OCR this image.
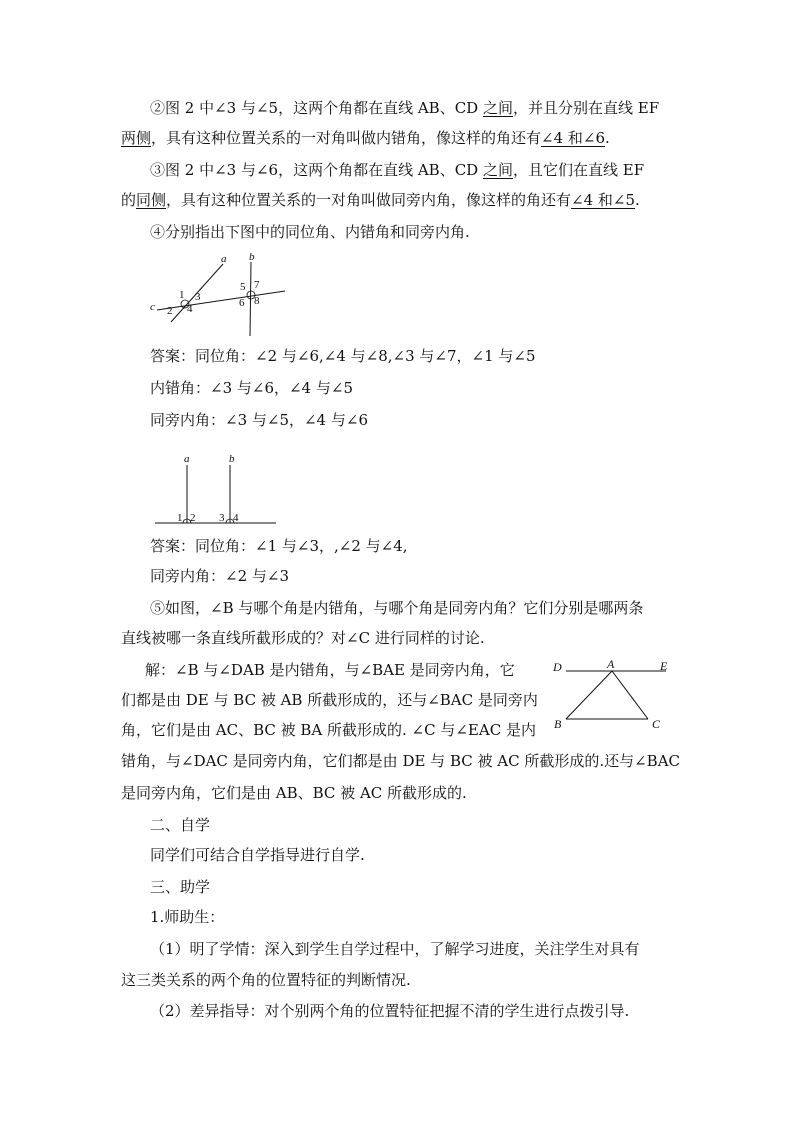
②图 2 中∠3 与∠5，这两个角都在直线 AB、CD 之间，并且分别在直线 EF
两侧，具有这种位置关系的一对角叫做内错角，像这样的角还有∠4 和∠6.
③图 2 中∠3 与∠6，这两个角都在直线 AB、CD 之间，且它们在直线 EF
的同侧，具有这种位置关系的一对角叫做同旁内角，像这样的角还有∠4 和∠5.
④分别指出下图中的同位角、内错角和同旁内角.
a b
c
1
2
3
4
5
6
7
8
答案：同位角：∠2 与∠6,∠4 与∠8,∠3 与∠7，∠1 与∠5
内错角：∠3 与∠6，∠4 与∠5
同旁内角：∠3 与∠5，∠4 与∠6
a	b
1 2 3 4
答案：同位角：∠1 与∠3，,∠2 与∠4,
同旁内角：∠2 与∠3
⑤如图，∠B 与哪个角是内错角，与哪个角是同旁内角？它们分别是哪两条
直线被哪一条直线所截形成的？对∠C 进行同样的讨论.
解：∠B 与∠DAB 是内错角，与∠BAE 是同旁内角，它
们都是由 DE 与 BC 被 AB 所截形成的，还与∠BAC 是同旁内
角，它们是由 AC、BC 被 BA 所截形成的. ∠C 与∠EAC 是内
错角，与∠DAC 是同旁内角，它们都是由 DE 与 BC 被 AC 所截形成的.还与∠BAC
是同旁内角，它们是由 AB、BC 被 AC 所截形成的.
D	A	E
B	C
二、自学
同学们可结合自学指导进行自学.
三、助学
1.师助生：
（1）明了学情：深入到学生自学过程中，了解学习进度，关注学生对具有
这三类关系的两个角的位置特征的判断情况.
（2）差异指导：对个别两个角的位置特征把握不清的学生进行点拨引导.
